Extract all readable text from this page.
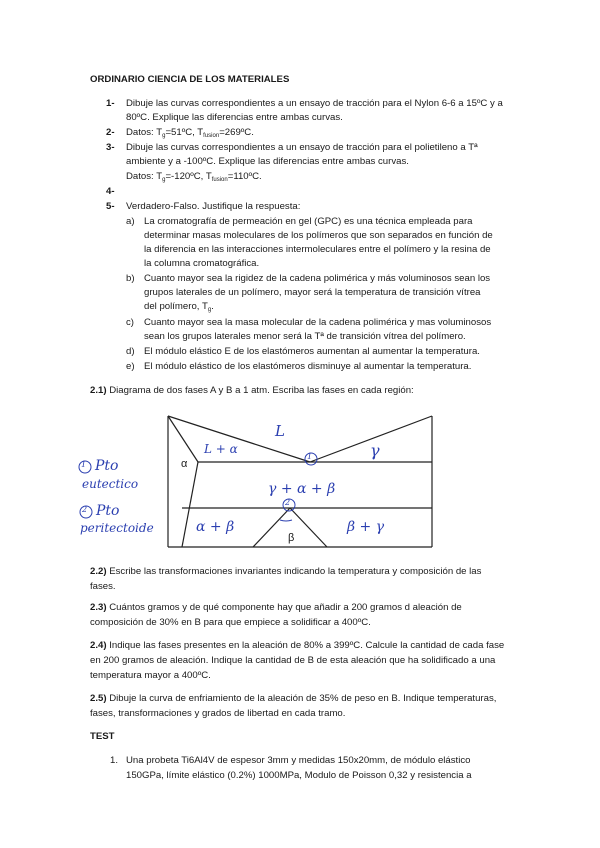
ORDINARIO CIENCIA DE LOS MATERIALES
1- Dibuje las curvas correspondientes a un ensayo de tracción para el Nylon 6-6 a 15ºC y a
80ºC. Explique las diferencias entre ambas curvas.
2- Datos: $T_g=51ºC$, $T_{fusion}=269ºC$.
3- Dibuje las curvas correspondientes a un ensayo de tracción para el polietileno a Tª
ambiente y a -100ºC. Explique las diferencias entre ambas curvas.
Datos: $T_g=-120ºC$, $T_{fusion}=110ºC$.
4-
5- Verdadero-Falso. Justifique la respuesta:
a) La cromatografía de permeación en gel (GPC) es una técnica empleada para
determinar masas moleculares de los polímeros que son separados en función de
la diferencia en las interacciones intermoleculares entre el polímero y la resina de
la columna cromatográfica.
b) Cuanto mayor sea la rigidez de la cadena polimérica y más voluminosos sean los
grupos laterales de un polímero, mayor será la temperatura de transición vítrea
del polímero, $T_g$.
c) Cuanto mayor sea la masa molecular de la cadena polimérica y mas voluminosos
sean los grupos laterales menor será la Tª de transición vítrea del polímero.
d) El módulo elástico E de los elastómeros aumentan al aumentar la temperatura.
e) El módulo elástico de los elastómeros disminuye al aumentar la temperatura.
2.1) Diagrama de dos fases A y B a 1 atm. Escriba las fases en cada región:
α
β
L
L + α	γ
γ + α + β
α + β	β + γ
1
2
1 Pto
eutectico
2 Pto
peritectoide
2.2) Escribe las transformaciones invariantes indicando la temperatura y composición de las
fases.
2.3) Cuántos gramos y de qué componente hay que añadir a 200 gramos d aleación de
composición de 30% en B para que empiece a solidificar a 400ºC.
2.4) Indique las fases presentes en la aleación de 80% a 399ºC. Calcule la cantidad de cada fase
en 200 gramos de aleación. Indique la cantidad de B de esta aleación que ha solidificado a una
temperatura mayor a 400ºC.
2.5) Dibuje la curva de enfriamiento de la aleación de 35% de peso en B. Indique temperaturas,
fases, transformaciones y grados de libertad en cada tramo.
TEST
1. Una probeta Ti6Al4V de espesor 3mm y medidas 150x20mm, de módulo elástico
150GPa, límite elástico (0.2%) 1000MPa, Modulo de Poisson 0,32 y resistencia a
